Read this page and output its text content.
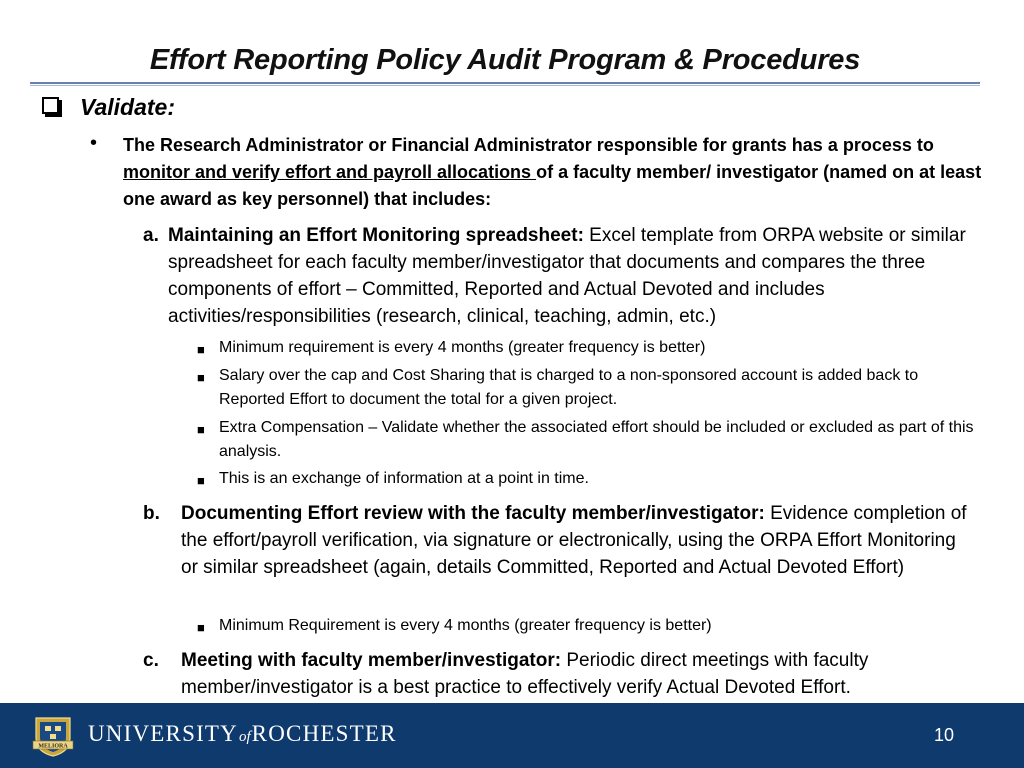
Effort Reporting Policy Audit Program & Procedures
Validate:
• The Research Administrator or Financial Administrator responsible for grants has a process to monitor and verify effort and payroll allocations of a faculty member/ investigator (named on at least one award as key personnel) that includes:
a. Maintaining an Effort Monitoring spreadsheet: Excel template from ORPA website or similar spreadsheet for each faculty member/investigator that documents and compares the three components of effort – Committed, Reported and Actual Devoted and includes activities/responsibilities (research, clinical, teaching, admin, etc.)
■ Minimum requirement is every 4 months (greater frequency is better)
■ Salary over the cap and Cost Sharing that is charged to a non-sponsored account is added back to Reported Effort to document the total for a given project.
■ Extra Compensation – Validate whether the associated effort should be included or excluded as part of this analysis.
■ This is an exchange of information at a point in time.
b. Documenting Effort review with the faculty member/investigator: Evidence completion of the effort/payroll verification, via signature or electronically, using the ORPA Effort Monitoring or similar spreadsheet (again, details Committed, Reported and Actual Devoted Effort)
■ Minimum Requirement is every 4 months (greater frequency is better)
c. Meeting with faculty member/investigator: Periodic direct meetings with faculty member/investigator is a best practice to effectively verify Actual Devoted Effort.
MELIORA
UNIVERSITYofROCHESTER	10
